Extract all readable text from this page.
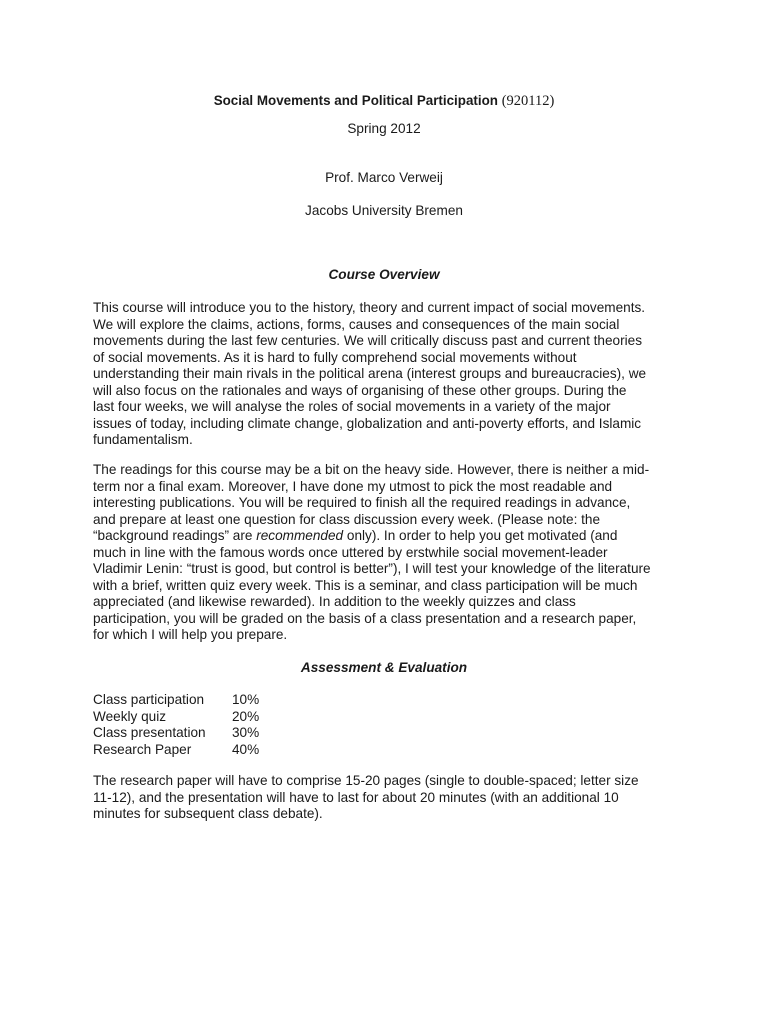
Social Movements and Political Participation (920112)
Spring 2012
Prof. Marco Verweij
Jacobs University Bremen
Course Overview

This course will introduce you to the history, theory and current impact of social movements.
We will explore the claims, actions, forms, causes and consequences of the main social
movements during the last few centuries. We will critically discuss past and current theories
of social movements. As it is hard to fully comprehend social movements without
understanding their main rivals in the political arena (interest groups and bureaucracies), we
will also focus on the rationales and ways of organising of these other groups. During the
last four weeks, we will analyse the roles of social movements in a variety of the major
issues of today, including climate change, globalization and anti-poverty efforts, and Islamic
fundamentalism.

The readings for this course may be a bit on the heavy side. However, there is neither a mid-
term nor a final exam. Moreover, I have done my utmost to pick the most readable and
interesting publications. You will be required to finish all the required readings in advance,
and prepare at least one question for class discussion every week. (Please note: the
“background readings” are recommended only). In order to help you get motivated (and
much in line with the famous words once uttered by erstwhile social movement-leader
Vladimir Lenin: “trust is good, but control is better”), I will test your knowledge of the literature
with a brief, written quiz every week. This is a seminar, and class participation will be much
appreciated (and likewise rewarded). In addition to the weekly quizzes and class
participation, you will be graded on the basis of a class presentation and a research paper,
for which I will help you prepare.

Assessment & Evaluation
Class participation	10%
Weekly quiz	20%
Class presentation	30%
Research Paper	40%

The research paper will have to comprise 15-20 pages (single to double-spaced; letter size
11-12), and the presentation will have to last for about 20 minutes (with an additional 10
minutes for subsequent class debate).
